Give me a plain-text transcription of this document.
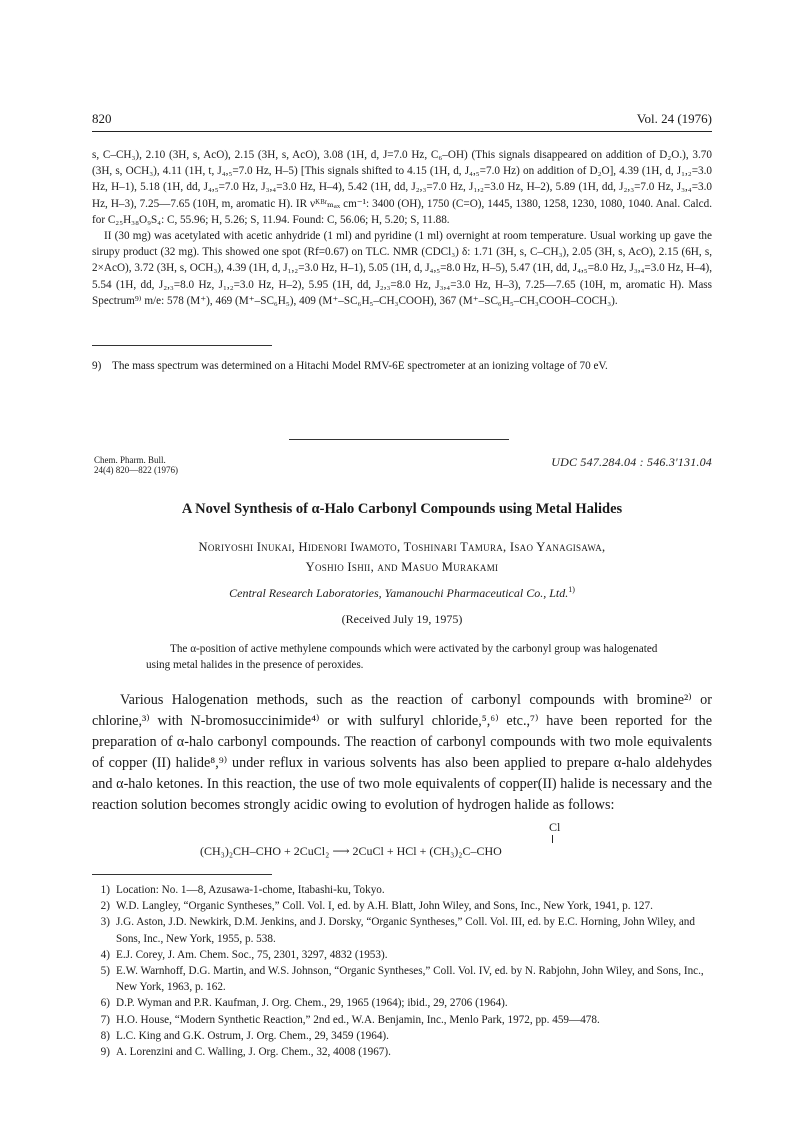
820	Vol. 24 (1976)

s, C–CH₃), 2.10 (3H, s, AcO), 2.15 (3H, s, AcO), 3.08 (1H, d, J=7.0 Hz, C₆–OH) (This signals disappeared on addition of D₂O.), 3.70 (3H, s, OCH₃), 4.11 (1H, t, J₄,₅=7.0 Hz, H–5) [This signals shifted to 4.15 (1H, d, J₄,₅=7.0 Hz) on addition of D₂O], 4.39 (1H, d, J₁,₂=3.0 Hz, H–1), 5.18 (1H, dd, J₄,₅=7.0 Hz, J₃,₄=3.0 Hz, H–4), 5.42 (1H, dd, J₂,₃=7.0 Hz, J₁,₂=3.0 Hz, H–2), 5.89 (1H, dd, J₂,₃=7.0 Hz, J₃,₄=3.0 Hz, H–3), 7.25—7.65 (10H, m, aromatic H). IR νᴷᴮʳₘₐₓ cm⁻¹: 3400 (OH), 1750 (C=O), 1445, 1380, 1258, 1230, 1080, 1040. Anal. Calcd. for C₂₅H₃₈O₉S₄: C, 55.96; H, 5.26; S, 11.94. Found: C, 56.06; H, 5.20; S, 11.88.

II (30 mg) was acetylated with acetic anhydride (1 ml) and pyridine (1 ml) overnight at room temperature. Usual working up gave the sirupy product (32 mg). This showed one spot (Rf=0.67) on TLC. NMR (CDCl₃) δ: 1.71 (3H, s, C–CH₃), 2.05 (3H, s, AcO), 2.15 (6H, s, 2×AcO), 3.72 (3H, s, OCH₃), 4.39 (1H, d, J₁,₂=3.0 Hz, H–1), 5.05 (1H, d, J₄,₅=8.0 Hz, H–5), 5.47 (1H, dd, J₄,₅=8.0 Hz, J₃,₄=3.0 Hz, H–4), 5.54 (1H, dd, J₂,₃=8.0 Hz, J₁,₂=3.0 Hz, H–2), 5.95 (1H, dd, J₂,₃=8.0 Hz, J₃,₄=3.0 Hz, H–3), 7.25—7.65 (10H, m, aromatic H). Mass Spectrum⁹⁾ m/e: 578 (M⁺), 469 (M⁺–SC₆H₅), 409 (M⁺–SC₆H₅–CH₃COOH), 367 (M⁺–SC₆H₅–CH₃COOH–COCH₃).

9) The mass spectrum was determined on a Hitachi Model RMV-6E spectrometer at an ionizing voltage of 70 eV.
Chem. Pharm. Bull.
24(4) 820—822 (1976)
UDC 547.284.04 : 546.3'131.04
A Novel Synthesis of α-Halo Carbonyl Compounds using Metal Halides
Noriyoshi Inukai, Hidenori Iwamoto, Toshinari Tamura, Isao Yanagisawa,
Yoshio Ishii, and Masuo Murakami
Central Research Laboratories, Yamanouchi Pharmaceutical Co., Ltd.$^{1)}$
(Received July 19, 1975)

The α-position of active methylene compounds which were activated by the carbonyl group was halogenated using metal halides in the presence of peroxides.

Various Halogenation methods, such as the reaction of carbonyl compounds with bromine²⁾ or chlorine,³⁾ with N-bromosuccinimide⁴⁾ or with sulfuryl chloride,⁵,⁶⁾ etc.,⁷⁾ have been reported for the preparation of α-halo carbonyl compounds. The reaction of carbonyl compounds with two mole equivalents of copper (II) halide⁸,⁹⁾ under reflux in various solvents has also been applied to prepare α-halo aldehydes and α-halo ketones. In this reaction, the use of two mole equivalents of copper(II) halide is necessary and the reaction solution becomes strongly acidic owing to evolution of hydrogen halide as follows:

Cl
(CH₃)₂CH–CHO + 2CuCl₂ ⟶ 2CuCl + HCl + (CH₃)₂C–CHO
1) Location: No. 1—8, Azusawa-1-chome, Itabashi-ku, Tokyo.
2) W.D. Langley, “Organic Syntheses,” Coll. Vol. I, ed. by A.H. Blatt, John Wiley, and Sons, Inc., New York, 1941, p. 127.
3) J.G. Aston, J.D. Newkirk, D.M. Jenkins, and J. Dorsky, “Organic Syntheses,” Coll. Vol. III, ed. by E.C. Horning, John Wiley, and Sons, Inc., New York, 1955, p. 538.
4) E.J. Corey, J. Am. Chem. Soc., 75, 2301, 3297, 4832 (1953).
5) E.W. Warnhoff, D.G. Martin, and W.S. Johnson, “Organic Syntheses,” Coll. Vol. IV, ed. by N. Rabjohn, John Wiley, and Sons, Inc., New York, 1963, p. 162.
6) D.P. Wyman and P.R. Kaufman, J. Org. Chem., 29, 1965 (1964); ibid., 29, 2706 (1964).
7) H.O. House, “Modern Synthetic Reaction,” 2nd ed., W.A. Benjamin, Inc., Menlo Park, 1972, pp. 459—478.
8) L.C. King and G.K. Ostrum, J. Org. Chem., 29, 3459 (1964).
9) A. Lorenzini and C. Walling, J. Org. Chem., 32, 4008 (1967).
